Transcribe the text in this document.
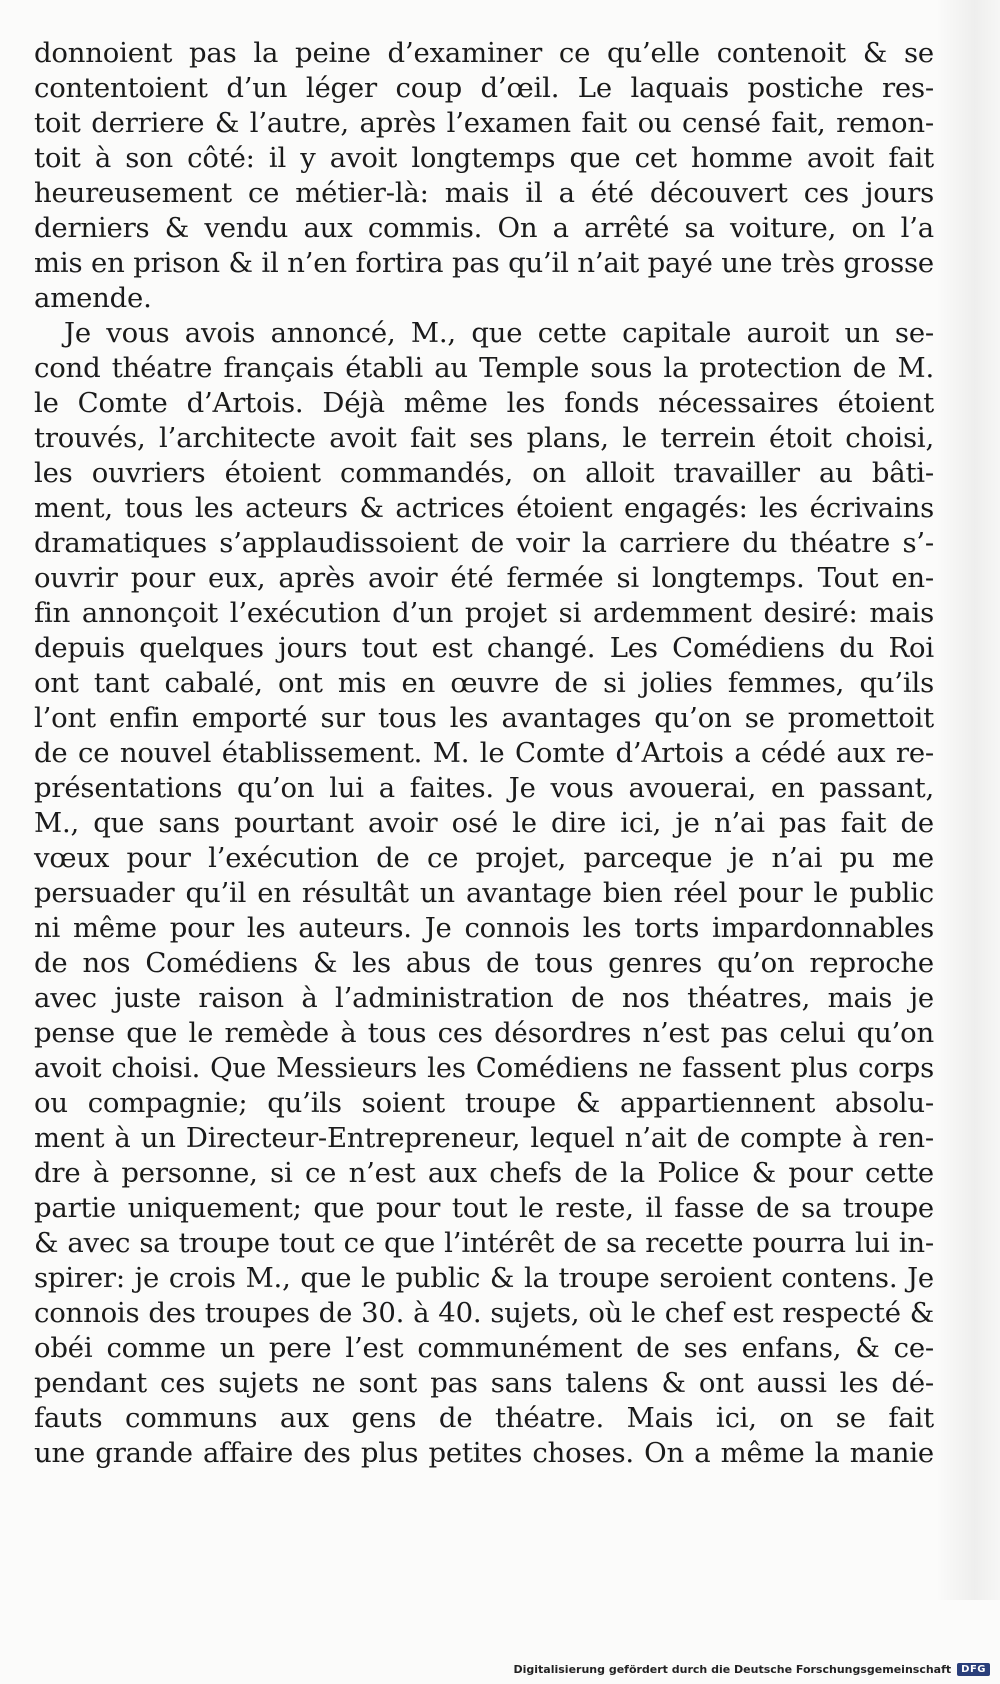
donnoient pas la peine d’examiner ce qu’elle contenoit & se
contentoient d’un léger coup d’œil. Le laquais postiche res-
toit derriere & l’autre, après l’examen fait ou censé fait, remon-
toit à son côté: il y avoit longtemps que cet homme avoit fait
heureusement ce métier-là: mais il a été découvert ces jours
derniers & vendu aux commis. On a arrêté sa voiture, on l’a
mis en prison & il n’en fortira pas qu’il n’ait payé une très grosse
amende.
Je vous avois annoncé, M., que cette capitale auroit un se-
cond théatre français établi au Temple sous la protection de M.
le Comte d’Artois. Déjà même les fonds nécessaires étoient
trouvés, l’architecte avoit fait ses plans, le terrein étoit choisi,
les ouvriers étoient commandés, on alloit travailler au bâti-
ment, tous les acteurs & actrices étoient engagés: les écrivains
dramatiques s’applaudissoient de voir la carriere du théatre s’-
ouvrir pour eux, après avoir été fermée si longtemps. Tout en-
fin annonçoit l’exécution d’un projet si ardemment desiré: mais
depuis quelques jours tout est changé. Les Comédiens du Roi
ont tant cabalé, ont mis en œuvre de si jolies femmes, qu’ils
l’ont enfin emporté sur tous les avantages qu’on se promettoit
de ce nouvel établissement. M. le Comte d’Artois a cédé aux re-
présentations qu’on lui a faites. Je vous avouerai, en passant,
M., que sans pourtant avoir osé le dire ici, je n’ai pas fait de
vœux pour l’exécution de ce projet, parceque je n’ai pu me
persuader qu’il en résultât un avantage bien réel pour le public
ni même pour les auteurs. Je connois les torts impardonnables
de nos Comédiens & les abus de tous genres qu’on reproche
avec juste raison à l’administration de nos théatres, mais je
pense que le remède à tous ces désordres n’est pas celui qu’on
avoit choisi. Que Messieurs les Comédiens ne fassent plus corps
ou compagnie; qu’ils soient troupe & appartiennent absolu-
ment à un Directeur-Entrepreneur, lequel n’ait de compte à ren-
dre à personne, si ce n’est aux chefs de la Police & pour cette
partie uniquement; que pour tout le reste, il fasse de sa troupe
& avec sa troupe tout ce que l’intérêt de sa recette pourra lui in-
spirer: je crois M., que le public & la troupe seroient contens. Je
connois des troupes de 30. à 40. sujets, où le chef est respecté &
obéi comme un pere l’est communément de ses enfans, & ce-
pendant ces sujets ne sont pas sans talens & ont aussi les dé-
fauts communs aux gens de théatre. Mais ici, on se fait
une grande affaire des plus petites choses. On a même la manie
Digitalisierung gefördert durch die Deutsche Forschungsgemeinschaft	DFG
